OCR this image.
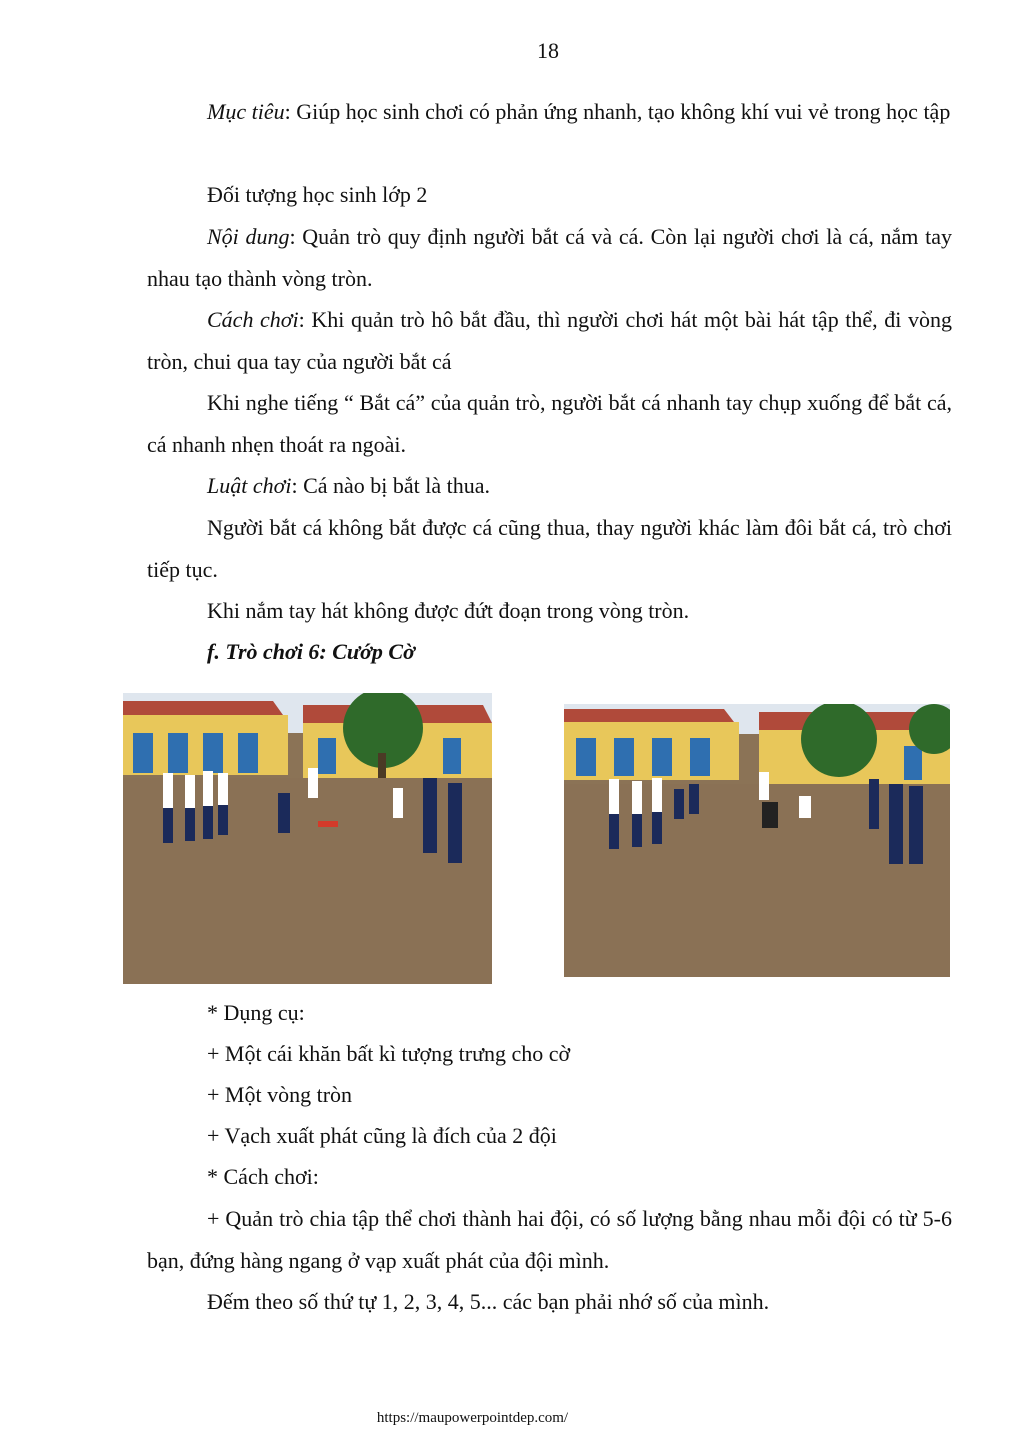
18

Mục tiêu: Giúp học sinh chơi có phản ứng nhanh, tạo không khí vui vẻ trong học tập

Đối tượng học sinh lớp 2

Nội dung: Quản trò quy định người bắt cá và cá. Còn lại người chơi là cá, nắm tay nhau tạo thành vòng tròn.

Cách chơi: Khi quản trò hô bắt đầu, thì người chơi hát một bài hát tập thể, đi vòng tròn, chui qua tay của người bắt cá

Khi nghe tiếng “ Bắt cá” của quản trò, người bắt cá nhanh tay chụp xuống để bắt cá, cá nhanh nhẹn thoát ra ngoài.

Luật chơi: Cá nào bị bắt là thua.

Người bắt cá không bắt được cá cũng thua, thay người khác làm đôi bắt cá, trò chơi tiếp tục.

Khi nắm tay hát không được đứt đoạn trong vòng tròn.

f. Trò chơi 6: Cướp Cờ

* Dụng cụ:

+ Một cái khăn bất kì tượng trưng cho cờ

+ Một vòng tròn

+ Vạch xuất phát cũng là đích của 2 đội

* Cách chơi:

+ Quản trò chia tập thể chơi thành hai đội, có số lượng bằng nhau mỗi đội có từ 5-6 bạn, đứng hàng ngang ở vạp xuất phát của đội mình.

Đếm theo số thứ tự 1, 2, 3, 4, 5... các bạn phải nhớ số của mình.

https://maupowerpointdep.com/
